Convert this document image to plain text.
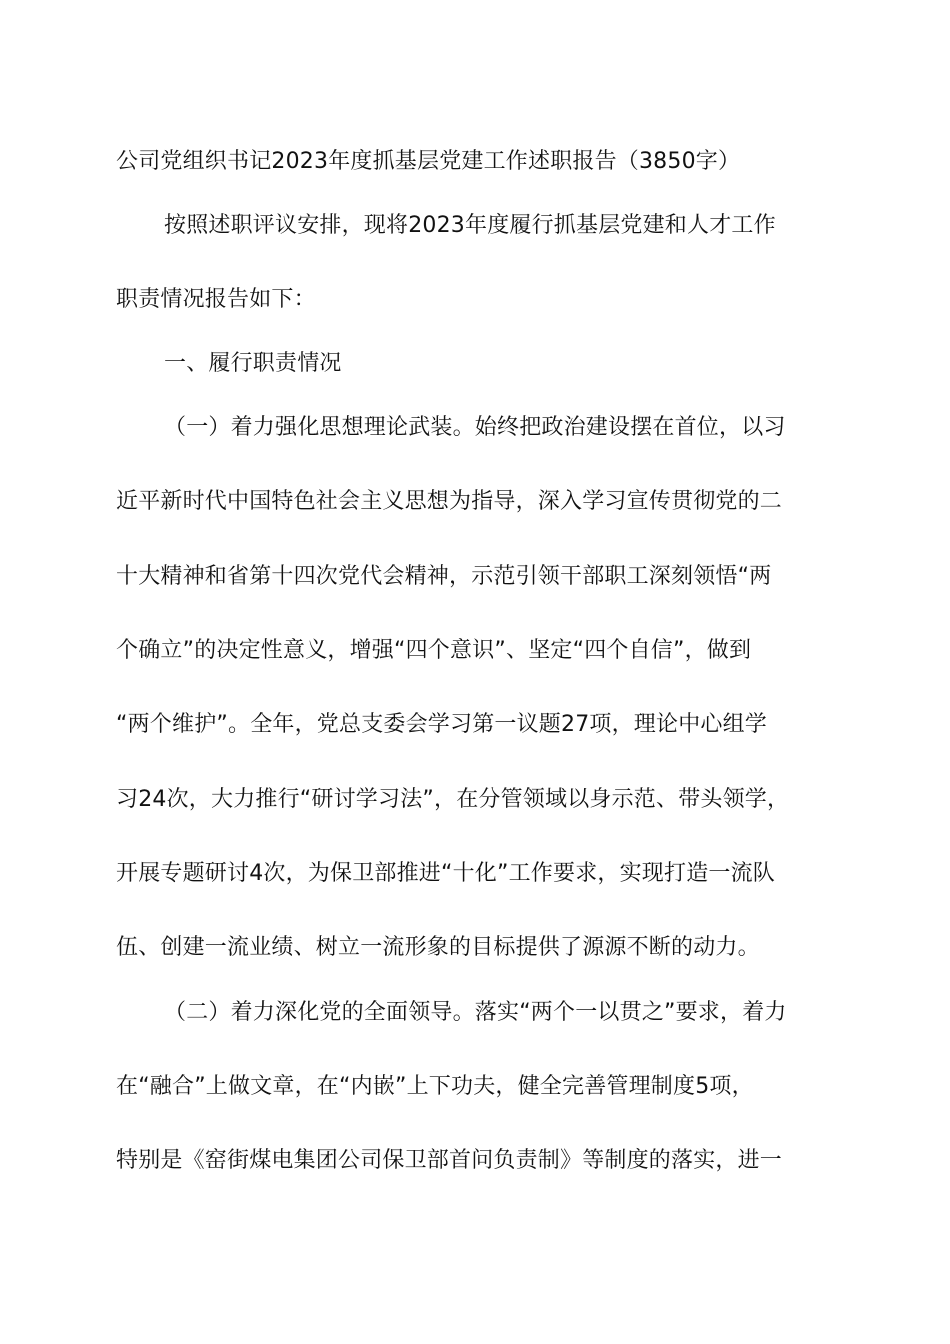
公司党组织书记2023年度抓基层党建工作述职报告（3850字）
按照述职评议安排，现将2023年度履行抓基层党建和人才工作
职责情况报告如下：
一、履行职责情况
（一）着力强化思想理论武装。始终把政治建设摆在首位，以习
近平新时代中国特色社会主义思想为指导，深入学习宣传贯彻党的二
十大精神和省第十四次党代会精神，示范引领干部职工深刻领悟“两
个确立”的决定性意义，增强“四个意识”、坚定“四个自信”，做到
“两个维护”。全年，党总支委会学习第一议题27项，理论中心组学
习24次，大力推行“研讨学习法”，在分管领域以身示范、带头领学，
开展专题研讨4次，为保卫部推进“十化”工作要求，实现打造一流队
伍、创建一流业绩、树立一流形象的目标提供了源源不断的动力。
（二）着力深化党的全面领导。落实“两个一以贯之”要求，着力
在“融合”上做文章，在“内嵌”上下功夫，健全完善管理制度5项，
特别是《窑街煤电集团公司保卫部首问负责制》等制度的落实，进一
